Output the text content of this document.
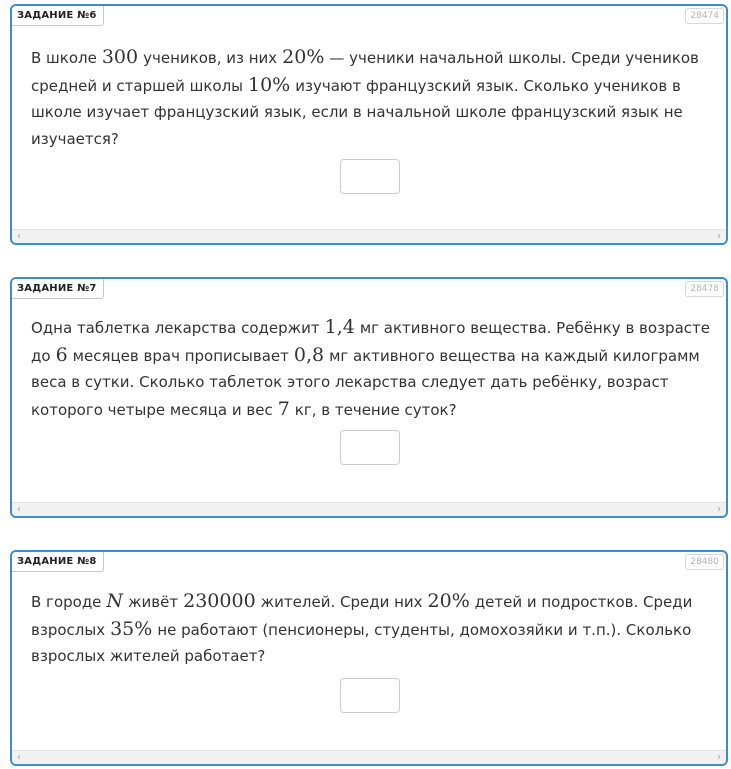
ЗАДАНИЕ №6	28474
В школе 300 учеников, из них 20% — ученики начальной школы. Среди учеников средней и старшей школы 10% изучают французский язык. Сколько учеников в школе изучает французский язык, если в начальной школе французский язык не изучается?
‹	›
ЗАДАНИЕ №7	28478
Одна таблетка лекарства содержит 1,4 мг активного вещества. Ребёнку в возрасте до 6 месяцев врач прописывает 0,8 мг активного вещества на каждый килограмм веса в сутки. Сколько таблеток этого лекарства следует дать ребёнку, возраст которого четыре месяца и вес 7 кг, в течение суток?
‹	›
ЗАДАНИЕ №8	28480
В городе N живёт 230000 жителей. Среди них 20% детей и подростков. Среди взрослых 35% не работают (пенсионеры, студенты, домохозяйки и т.п.). Сколько взрослых жителей работает?
‹	›
